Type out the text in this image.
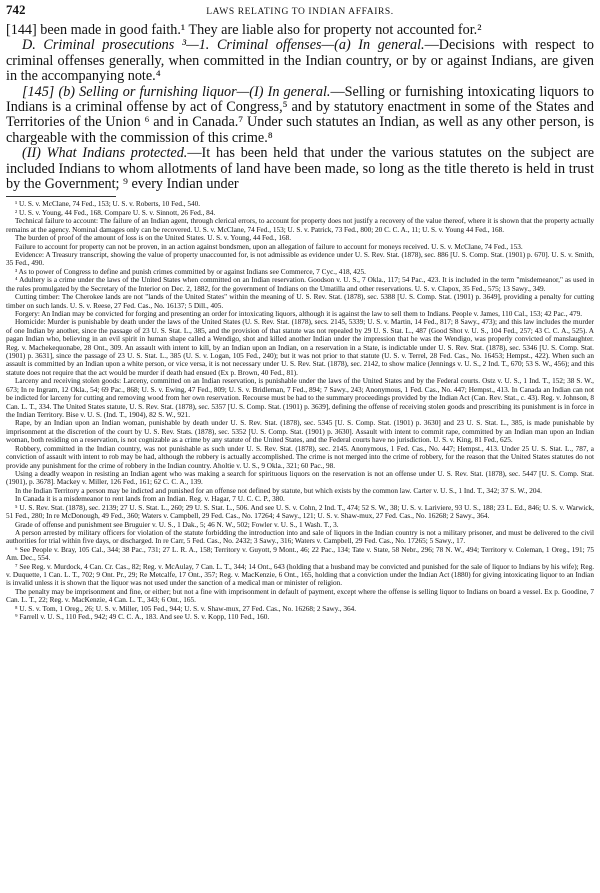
742	LAWS RELATING TO INDIAN AFFAIRS.

[144] been made in good faith.¹ They are liable also for property not accounted for.²

D. Criminal prosecutions ³—1. Criminal offenses—(a) In general.—Decisions with respect to criminal offenses generally, when committed in the Indian country, or by or against Indians, are given in the accompanying note.⁴

[145] (b) Selling or furnishing liquor—(I) In general.—Selling or furnishing intoxicating liquors to Indians is a criminal offense by act of Congress,⁵ and by statutory enactment in some of the States and Territories of the Union ⁶ and in Canada.⁷ Under such statutes an Indian, as well as any other person, is chargeable with the commission of this crime.⁸

(II) What Indians protected.—It has been held that under the various statutes on the subject are included Indians to whom allotments of land have been made, so long as the title thereto is held in trust by the Government; ⁹ every Indian under

¹ U. S. v. McClane, 74 Fed., 153; U. S. v. Roberts, 10 Fed., 540.

² U. S. v. Young, 44 Fed., 168. Compare U. S. v. Sinnott, 26 Fed., 84.

Technical failure to account: The failure of an Indian agent, through clerical errors, to account for property does not justify a recovery of the value thereof, where it is shown that the property actually remains at the agency. Nominal damages only can be recovered. U. S. v. McClane, 74 Fed., 153; U. S. v. Patrick, 73 Fed., 800; 20 C. C. A., 11; U. S. v. Young 44 Fed., 168.

The burden of proof of the amount of loss is on the United States. U. S. v. Young, 44 Fed., 168.

Failure to account for property can not be proven, in an action against bondsmen, upon an allegation of failure to account for moneys received. U. S. v. McClane, 74 Fed., 153.

Evidence: A Treasury transcript, showing the value of property unaccounted for, is not admissible as evidence under U. S. Rev. Stat. (1878), sec. 886 [U. S. Comp. Stat. (1901) p. 670]. U. S. v. Smith, 35 Fed., 490.

³ As to power of Congress to define and punish crimes committed by or against Indians see Commerce, 7 Cyc., 418, 425.

⁴ Adultery is a crime under the laws of the United States when committed on an Indian reservation. Goodson v. U. S., 7 Okla., 117; 54 Pac., 423. It is included in the term "misdemeanor," as used in the rules promulgated by the Secretary of the Interior on Dec. 2, 1882, for the government of Indians on the Umatilla and other reservations. U. S. v. Clapox, 35 Fed., 575; 13 Sawy., 349.

Cutting timber: The Cherokee lands are not "lands of the United States" within the meaning of U. S. Rev. Stat. (1878), sec. 5388 [U. S. Comp. Stat. (1901) p. 3649], providing a penalty for cutting timber on such lands. U. S. v. Reese, 27 Fed. Cas., No. 16137; 5 Dill., 405.

Forgery: An Indian may be convicted for forging and presenting an order for intoxicating liquors, although it is against the law to sell them to Indians. People v. James, 110 Cal., 153; 42 Pac., 479.

Homicide: Murder is punishable by death under the laws of the United States (U. S. Rev. Stat. (1878), secs. 2145, 5339; U. S. v. Martin, 14 Fed., 817; 8 Sawy., 473); and this law includes the murder of one Indian by another, since the passage of 23 U. S. Stat. L., 385, and the provision of that statute was not repealed by 29 U. S. Stat. L., 487 (Good Shot v. U. S., 104 Fed., 257; 43 C. C. A., 525). A pagan Indian who, believing in an evil spirit in human shape called a Wendigo, shot and killed another Indian under the impression that he was the Wendigo, was properly convicted of manslaughter. Reg. v. Machekequonabe, 28 Ont., 309. An assault with intent to kill, by an Indian upon an Indian, on a reservation in a State, is indictable under U. S. Rev. Stat. (1878), sec. 5346 [U. S. Comp. Stat. (1901) p. 3631], since the passage of 23 U. S. Stat. L., 385 (U. S. v. Logan, 105 Fed., 240); but it was not prior to that statute (U. S. v. Terrel, 28 Fed. Cas., No. 16453; Hempst., 422). When such an assault is committed by an Indian upon a white person, or vice versa, it is not necessary under U. S. Rev. Stat. (1878), sec. 2142, to show malice (Jennings v. U. S., 2 Ind. T., 670; 53 S. W., 456); and this statute does not require that the act would be murder if death had ensued (Ex p. Brown, 40 Fed., 81).

Larceny and receiving stolen goods: Larceny, committed on an Indian reservation, is punishable under the laws of the United States and by the Federal courts. Ostz v. U. S., 1 Ind. T., 152; 38 S. W., 673; In re Ingram, 12 Okla., 54; 69 Pac., 868; U. S. v. Ewing, 47 Fed., 809; U. S. v. Bridleman, 7 Fed., 894; 7 Sawy., 243; Anonymous, 1 Fed. Cas., No. 447; Hempst., 413. In Canada an Indian can not be indicted for larceny for cutting and removing wood from her own reservation. Recourse must be had to the summary proceedings provided by the Indian Act (Can. Rev. Stat., c. 43). Reg. v. Johnson, 8 Can. L. T., 334. The United States statute, U. S. Rev. Stat. (1878), sec. 5357 [U. S. Comp. Stat. (1901) p. 3639], defining the offense of receiving stolen goods and prescribing its punishment is in force in the Indian Territory. Bise v. U. S. (Ind. T., 1904), 82 S. W., 921.

Rape, by an Indian upon an Indian woman, punishable by death under U. S. Rev. Stat. (1878), sec. 5345 [U. S. Comp. Stat. (1901) p. 3630] and 23 U. S. Stat. L., 385, is made punishable by imprisonment at the discretion of the court by U. S. Rev. Stats. (1878), sec. 5352 [U. S. Comp. Stat. (1901) p. 3630]. Assault with intent to commit rape, committed by an Indian man upon an Indian woman, both residing on a reservation, is not cognizable as a crime by any statute of the United States, and the Federal courts have no jurisdiction. U. S. v. King, 81 Fed., 625.

Robbery, committed in the Indian country, was not punishable as such under U. S. Rev. Stat. (1878), sec. 2145. Anonymous, 1 Fed. Cas., No. 447; Hempst., 413. Under 25 U. S. Stat. L., 787, a conviction of assault with intent to rob may be had, although the robbery is actually accomplished. The crime is not merged into the crime of robbery, for the reason that the United States statutes do not provide any punishment for the crime of robbery in the Indian country. Aholtie v. U. S., 9 Okla., 321; 60 Pac., 98.

Using a deadly weapon in resisting an Indian agent who was making a search for spirituous liquors on the reservation is not an offense under U. S. Rev. Stat. (1878), sec. 5447 [U. S. Comp. Stat. (1901), p. 3678]. Mackey v. Miller, 126 Fed., 161; 62 C. C. A., 139.

In the Indian Territory a person may be indicted and punished for an offense not defined by statute, but which exists by the common law. Carter v. U. S., 1 Ind. T., 342; 37 S. W., 204.

In Canada it is a misdemeanor to rent lands from an Indian. Reg. v. Hagar, 7 U. C. C. P., 380.

⁵ U. S. Rev. Stat. (1878), sec. 2139; 27 U. S. Stat. L., 260; 29 U. S. Stat. L., 506. And see U. S. v. Cohn, 2 Ind. T., 474; 52 S. W., 38; U. S. v. Lariviere, 93 U. S., 188; 23 L. Ed., 846; U. S. v. Warwick, 51 Fed., 280; In re McDonough, 49 Fed., 360; Waters v. Campbell, 29 Fed. Cas., No. 17264; 4 Sawy., 121; U. S. v. Shaw-mux, 27 Fed. Cas., No. 16268; 2 Sawy., 364.

Grade of offense and punishment see Bruguier v. U. S., 1 Dak., 5; 46 N. W., 502; Fowler v. U. S., 1 Wash. T., 3.

A person arrested by military officers for violation of the statute forbidding the introduction into and sale of liquors in the Indian country is not a military prisoner, and must be delivered to the civil authorities for trial within five days, or discharged. In re Carr, 5 Fed. Cas., No. 2432; 3 Sawy., 316; Waters v. Campbell, 29 Fed. Cas., No. 17265; 5 Sawy., 17.

⁶ See People v. Bray, 105 Cal., 344; 38 Pac., 731; 27 L. R. A., 158; Territory v. Guyott, 9 Mont., 46; 22 Pac., 134; Tate v. State, 58 Nebr., 296; 78 N. W., 494; Territory v. Coleman, 1 Oreg., 191; 75 Am. Dec., 554.

⁷ See Reg. v. Murdock, 4 Can. Cr. Cas., 82; Reg. v. McAulay, 7 Can. L. T., 344; 14 Ont., 643 (holding that a husband may be convicted and punished for the sale of liquor to Indians by his wife); Reg. v. Duquette, 1 Can. L. T., 702; 9 Ont. Pr., 29; Re Metcalfe, 17 Ont., 357; Reg. v. MacKenzie, 6 Ont., 165, holding that a conviction under the Indian Act (1880) for giving intoxicating liquor to an Indian is invalid unless it is shown that the liquor was not used under the sanction of a medical man or minister of religion.

The penalty may be imprisonment and fine, or either; but not a fine with imprisonment in default of payment, except where the offense is selling liquor to Indians on board a vessel. Ex p. Goodine, 7 Can. L. T., 22; Reg. v. MacKenzie, 4 Can. L. T., 343; 6 Ont., 165.

⁸ U. S. v. Tom, 1 Oreg., 26; U. S. v. Miller, 105 Fed., 944; U. S. v. Shaw-mux, 27 Fed. Cas., No. 16268; 2 Sawy., 364.

⁹ Farrell v. U. S., 110 Fed., 942; 49 C. C. A., 183. And see U. S. v. Kopp, 110 Fed., 160.
